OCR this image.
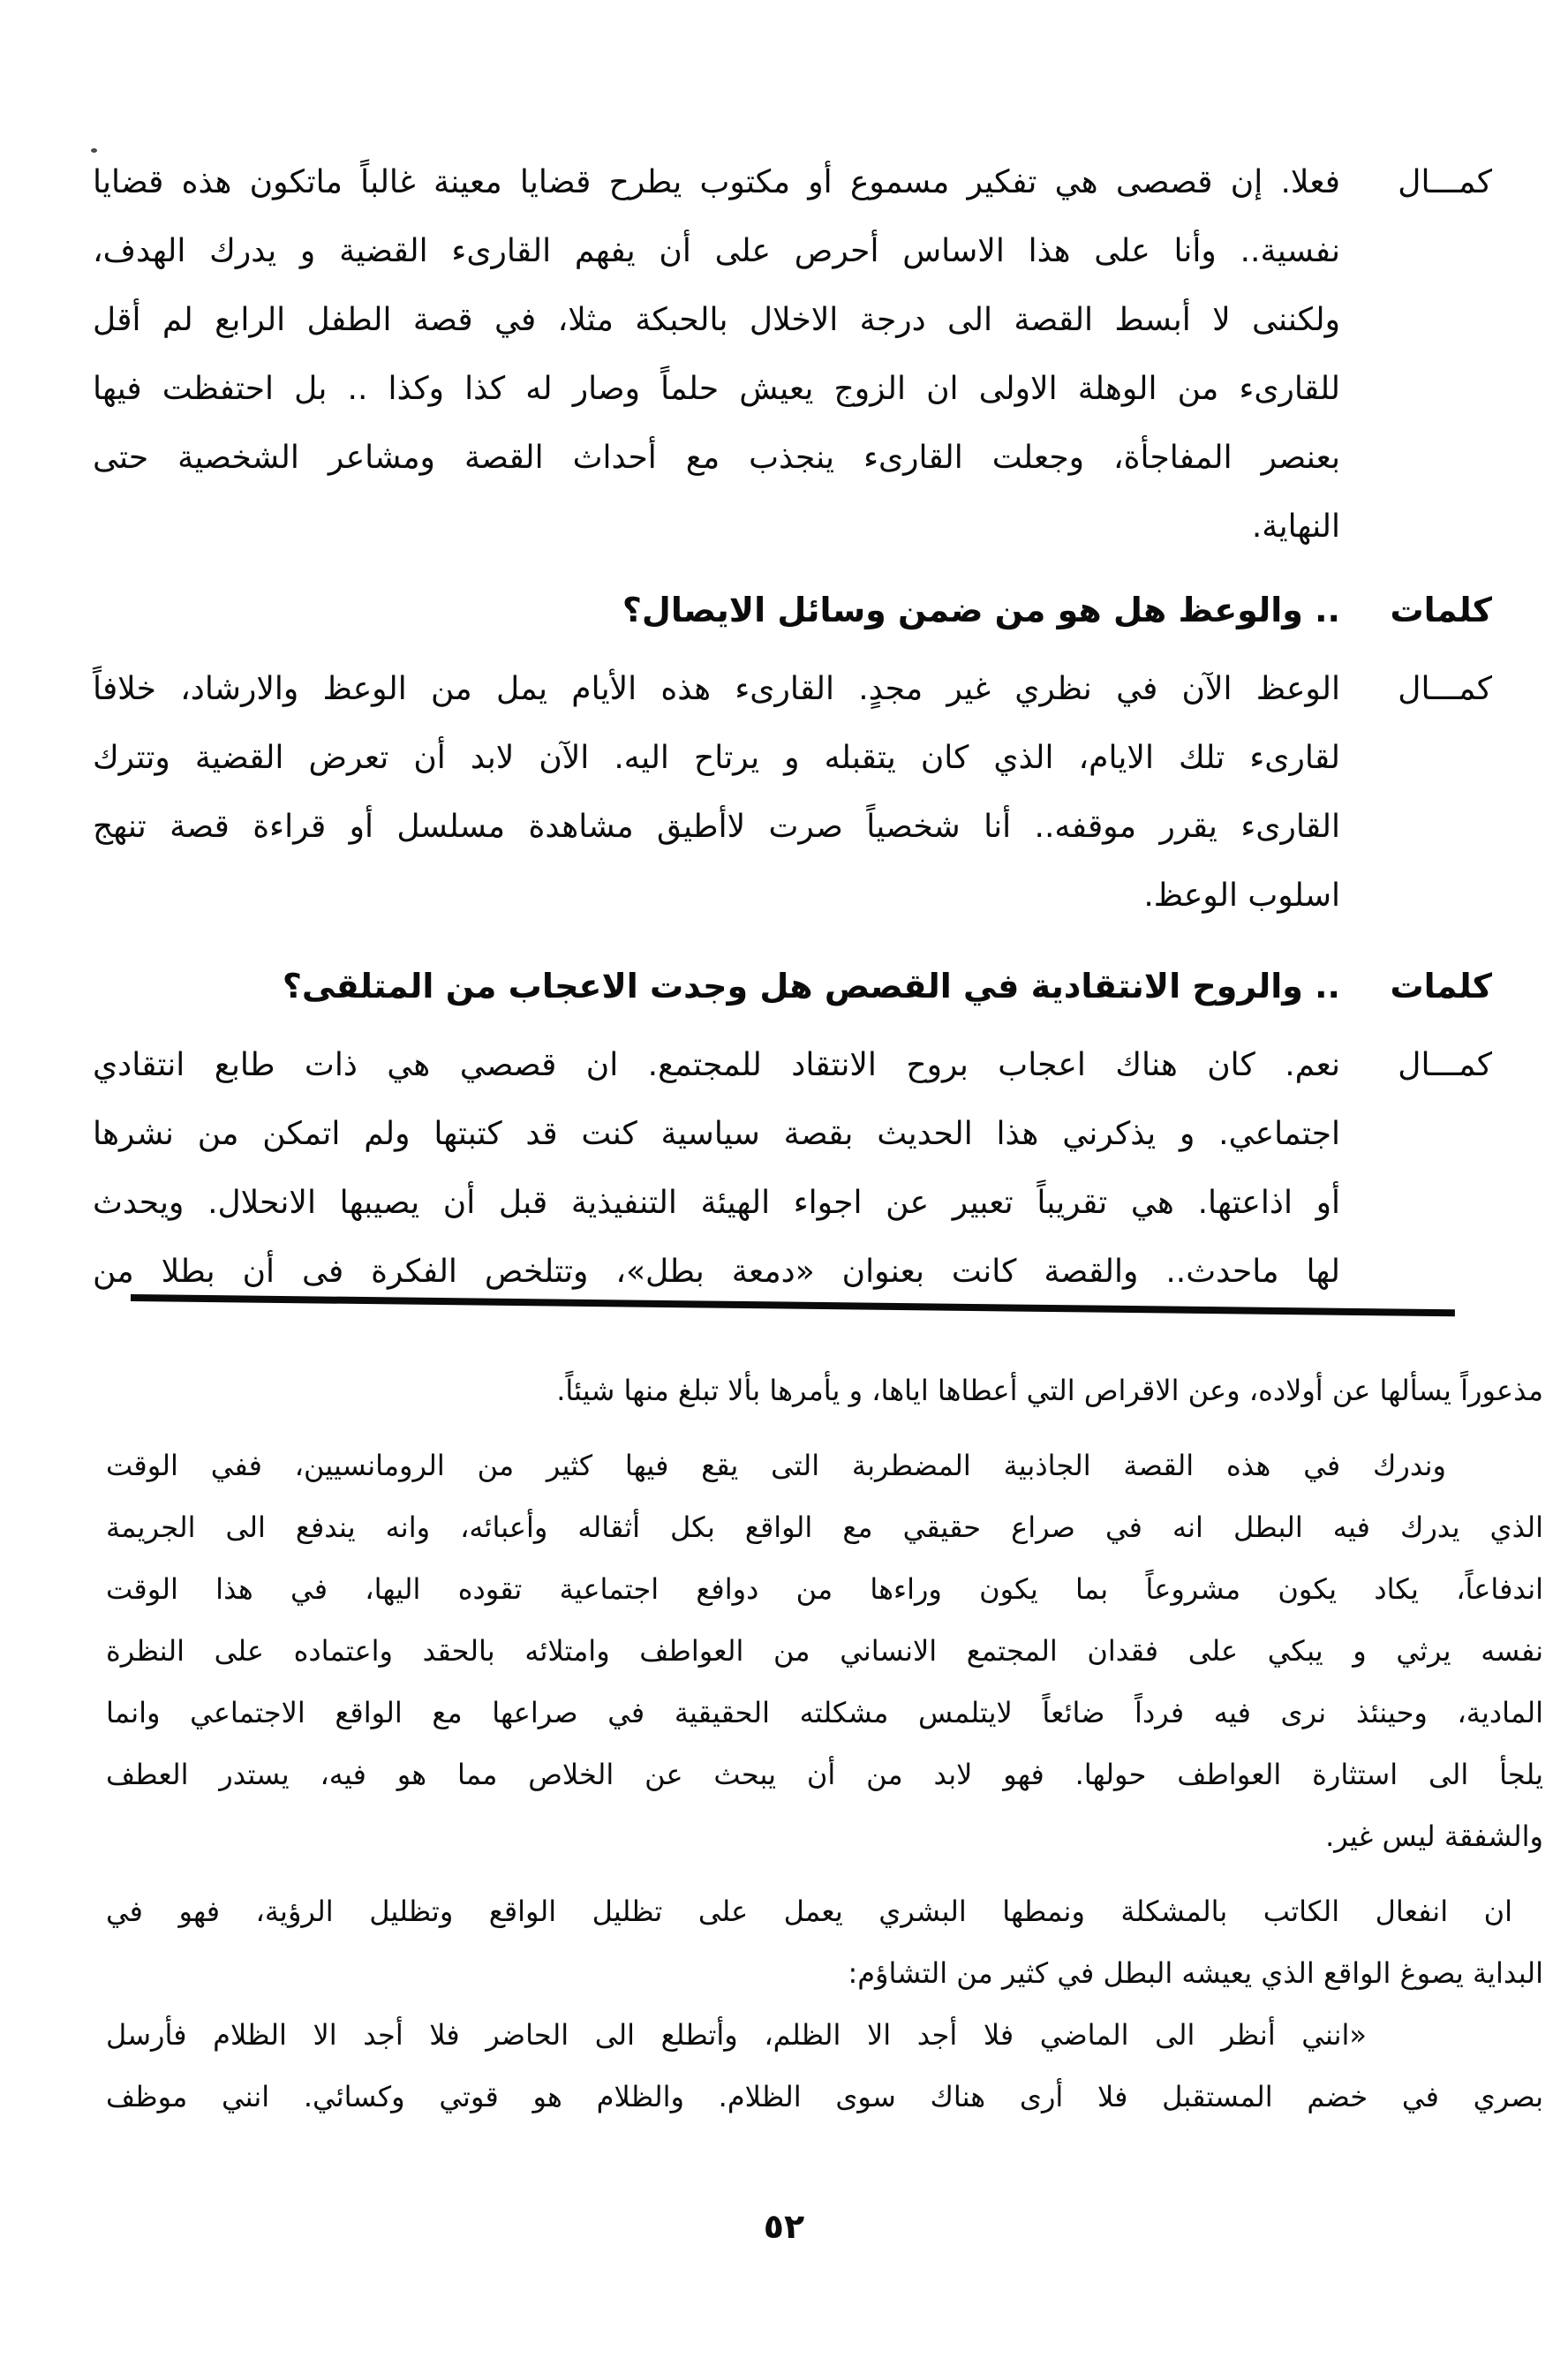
كمـــال
فعلا. إن قصصى هي تفكير مسموع أو مكتوب يطرح قضايا معينة غالباً ماتكون هذه قضايا
نفسية.. وأنا على هذا الاساس أحرص على أن يفهم القارىء القضية و يدرك الهدف،
ولكننى لا أبسط القصة الى درجة الاخلال بالحبكة مثلا، في قصة الطفل الرابع لم أقل
للقارىء من الوهلة الاولى ان الزوج يعيش حلماً وصار له كذا وكذا .. بل احتفظت فيها
بعنصر المفاجأة، وجعلت القارىء ينجذب مع أحداث القصة ومشاعر الشخصية حتى
النهاية.
كلمات
.. والوعظ هل هو من ضمن وسائل الايصال؟
كمـــال
الوعظ الآن في نظري غير مجدٍ. القارىء هذه الأيام يمل من الوعظ والارشاد، خلافاً
لقارىء تلك الايام، الذي كان يتقبله و يرتاح اليه. الآن لابد أن تعرض القضية وتترك
القارىء يقرر موقفه.. أنا شخصياً صرت لاأطيق مشاهدة مسلسل أو قراءة قصة تنهج
اسلوب الوعظ.
كلمات
.. والروح الانتقادية في القصص هل وجدت الاعجاب من المتلقى؟
كمـــال
نعم. كان هناك اعجاب بروح الانتقاد للمجتمع. ان قصصي هي ذات طابع انتقادي
اجتماعي. و يذكرني هذا الحديث بقصة سياسية كنت قد كتبتها ولم اتمكن من نشرها
أو اذاعتها. هي تقريباً تعبير عن اجواء الهيئة التنفيذية قبل أن يصيبها الانحلال. ويحدث
لها ماحدث.. والقصة كانت بعنوان «دمعة بطل»، وتتلخص الفكرة فى أن بطلا من
مذعوراً يسألها عن أولاده، وعن الاقراص التي أعطاها اياها، و يأمرها بألا تبلغ منها شيئاً.
وندرك في هذه القصة الجاذبية المضطربة التى يقع فيها كثير من الرومانسيين، ففي الوقت
الذي يدرك فيه البطل انه في صراع حقيقي مع الواقع بكل أثقاله وأعبائه، وانه يندفع الى الجريمة
اندفاعاً، يكاد يكون مشروعاً بما يكون وراءها من دوافع اجتماعية تقوده اليها، في هذا الوقت
نفسه يرثي و يبكي على فقدان المجتمع الانساني من العواطف وامتلائه بالحقد واعتماده على النظرة
المادية، وحينئذ نرى فيه فرداً ضائعاً لايتلمس مشكلته الحقيقية في صراعها مع الواقع الاجتماعي وانما
يلجأ الى استثارة العواطف حولها. فهو لابد من أن يبحث عن الخلاص مما هو فيه، يستدر العطف
والشفقة ليس غير.
ان انفعال الكاتب بالمشكلة ونمطها البشري يعمل على تظليل الواقع وتظليل الرؤية، فهو في
البداية يصوغ الواقع الذي يعيشه البطل في كثير من التشاؤم:
«انني أنظر الى الماضي فلا أجد الا الظلم، وأتطلع الى الحاضر فلا أجد الا الظلام فأرسل
بصري في خضم المستقبل فلا أرى هناك سوى الظلام. والظلام هو قوتي وكسائي. انني موظف
٥٢
